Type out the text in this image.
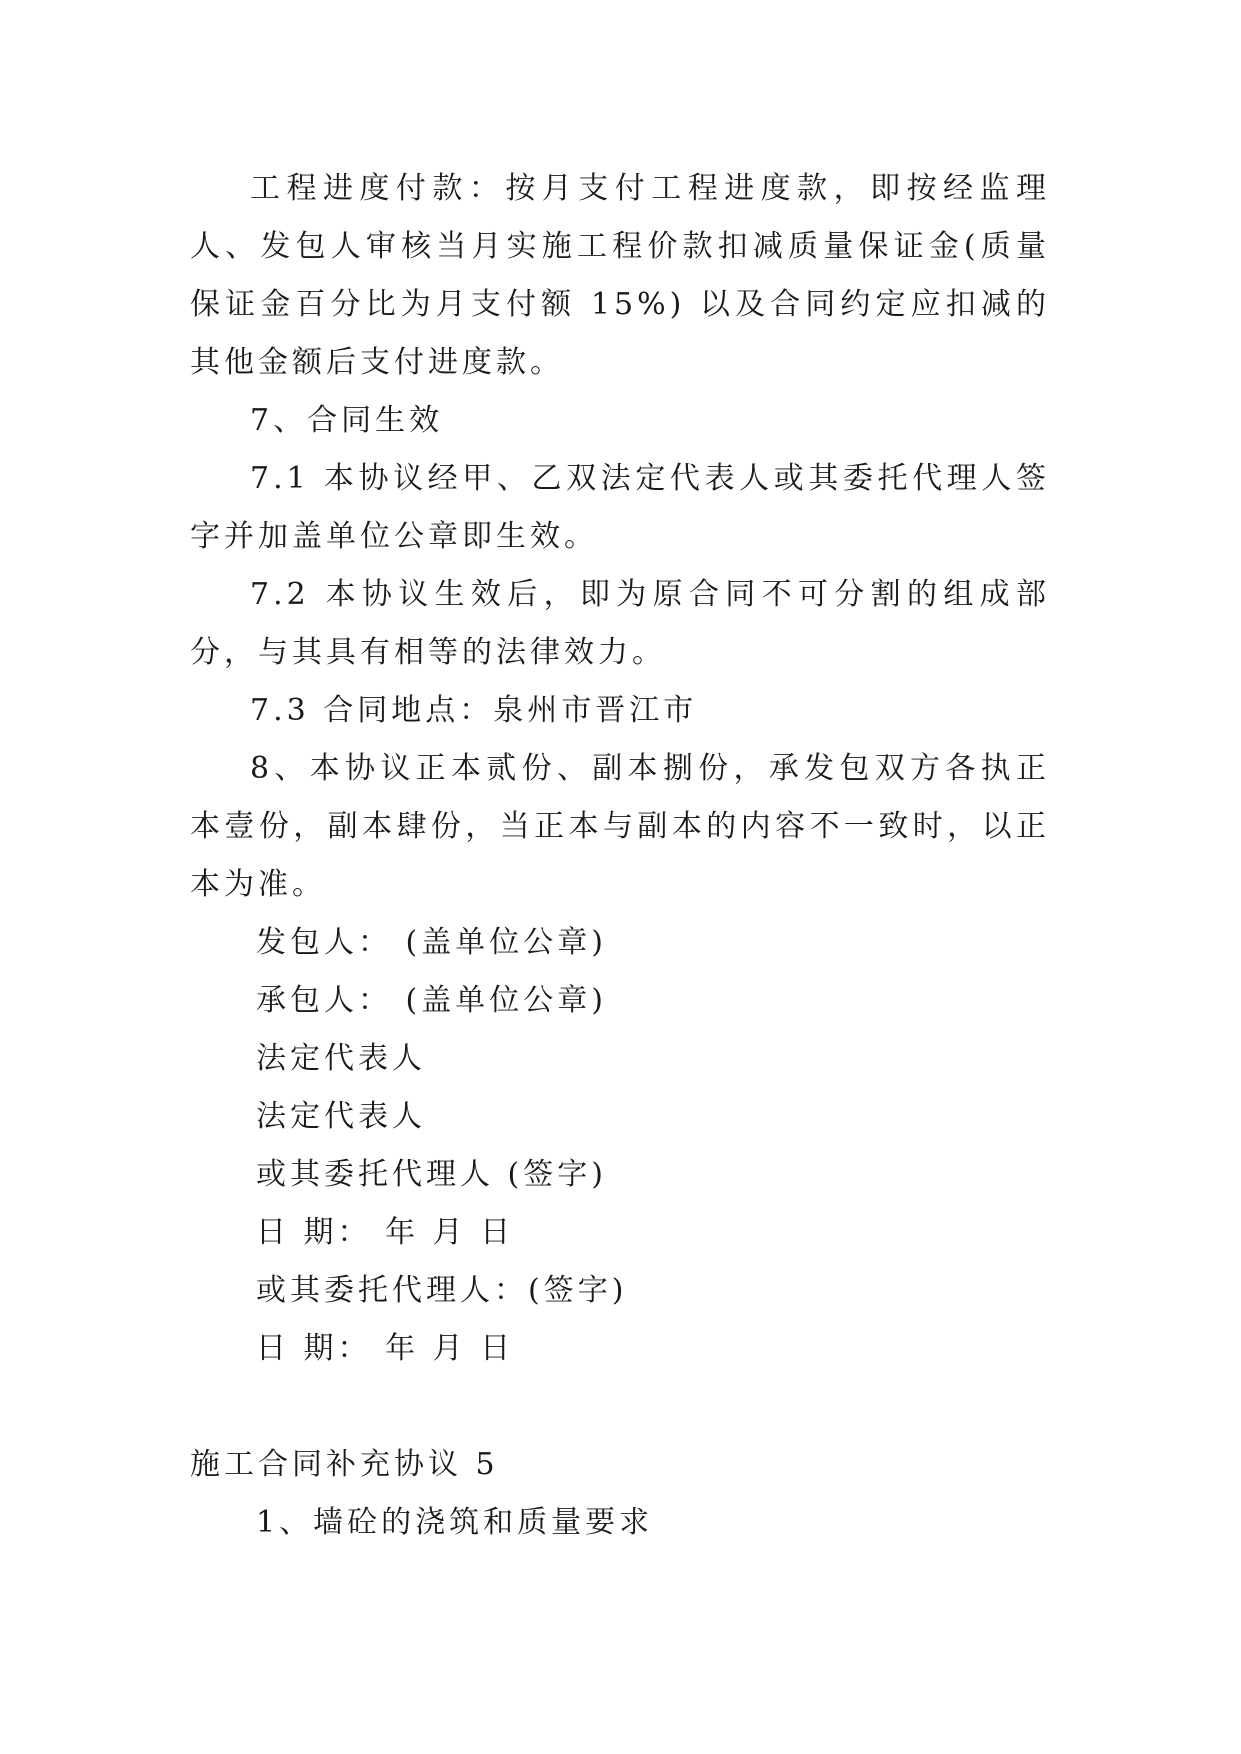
工程进度付款：按月支付工程进度款，即按经监理人、发包人审核当月实施工程价款扣减质量保证金(质量保证金百分比为月支付额 15%) 以及合同约定应扣减的其他金额后支付进度款。

7、合同生效

7.1 本协议经甲、乙双法定代表人或其委托代理人签字并加盖单位公章即生效。

7.2 本协议生效后，即为原合同不可分割的组成部分，与其具有相等的法律效力。

7.3 合同地点：泉州市晋江市

8、本协议正本贰份、副本捌份，承发包双方各执正本壹份，副本肆份，当正本与副本的内容不一致时，以正本为准。

发包人： (盖单位公章)

承包人： (盖单位公章)

法定代表人

法定代表人

或其委托代理人 (签字)

日 期： 年 月 日

或其委托代理人：(签字)

日 期： 年 月 日

施工合同补充协议 5

1、墙砼的浇筑和质量要求
